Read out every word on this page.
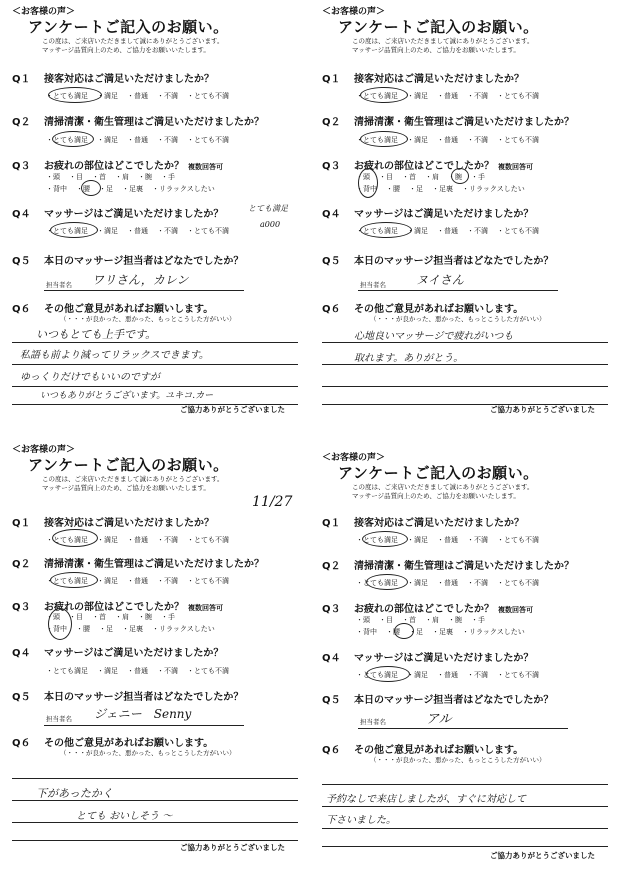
＜お客様の声＞
アンケートご記入のお願い。
この度は、ご来店いただきまして誠にありがとうございます。
マッサージ品質向上のため、ご協力をお願いいたします。
Q１ 接客対応はご満足いただけましたか？
・とても満足 ・満足 ・普通 ・不満 ・とても不満
Q２ 清掃清潔・衛生管理はご満足いただけましたか？
・とても満足 ・満足 ・普通 ・不満 ・とても不満
Q３ お疲れの部位はどこでしたか？ 複数回答可
・頭 ・目 ・首 ・肩 ・腕 ・手
・背中 ・腰 ・足 ・足裏 ・リラックスしたい
Q４ マッサージはご満足いただけましたか？
・とても満足 ・満足 ・普通 ・不満 ・とても不満
とても満足
a000
Q５ 本日のマッサージ担当者はどなたでしたか？
担当者名 ワリさん，カレン
Q６ その他ご意見があればお願いします。
（・・・が良かった、悪かった、もっとこうした方がいい）
いつもとても上手です。
私語も前より減ってリラックスできます。
ゆっくりだけでもいいのですが
いつもありがとうございます。ユキコ.カー
ご協力ありがとうございました
＜お客様の声＞
アンケートご記入のお願い。
この度は、ご来店いただきまして誠にありがとうございます。
マッサージ品質向上のため、ご協力をお願いいたします。
Q１ 接客対応はご満足いただけましたか？
・とても満足 ・満足 ・普通 ・不満 ・とても不満
Q２ 清掃清潔・衛生管理はご満足いただけましたか？
・とても満足 ・満足 ・普通 ・不満 ・とても不満
Q３ お疲れの部位はどこでしたか？ 複数回答可
・頭 ・目 ・首 ・肩 ・腕 ・手
・背中 ・腰 ・足 ・足裏 ・リラックスしたい
Q４ マッサージはご満足いただけましたか？
・とても満足 ・満足 ・普通 ・不満 ・とても不満
Q５ 本日のマッサージ担当者はどなたでしたか？
担当者名	ヌイさん
Q６ その他ご意見があればお願いします。
（・・・が良かった、悪かった、もっとこうした方がいい）
心地良いマッサージで疲れがいつも
取れます。ありがとう。
ご協力ありがとうございました
＜お客様の声＞
アンケートご記入のお願い。
この度は、ご来店いただきまして誠にありがとうございます。
マッサージ品質向上のため、ご協力をお願いいたします。
11/27
Q１ 接客対応はご満足いただけましたか？
・とても満足 ・満足 ・普通 ・不満 ・とても不満
Q２ 清掃清潔・衛生管理はご満足いただけましたか？
・とても満足 ・満足 ・普通 ・不満 ・とても不満
Q３ お疲れの部位はどこでしたか？ 複数回答可
・頭 ・目 ・首 ・肩 ・腕 ・手
・背中 ・腰 ・足 ・足裏 ・リラックスしたい
Q４ マッサージはご満足いただけましたか？
・とても満足 ・満足 ・普通 ・不満 ・とても不満
Q５ 本日のマッサージ担当者はどなたでしたか？
担当者名 ジェニー　Senny
Q６ その他ご意見があればお願いします。
（・・・が良かった、悪かった、もっとこうした方がいい）
下があったかく
とても おいしそう 〜
ご協力ありがとうございました
＜お客様の声＞
アンケートご記入のお願い。
この度は、ご来店いただきまして誠にありがとうございます。
マッサージ品質向上のため、ご協力をお願いいたします。
Q１ 接客対応はご満足いただけましたか？
・とても満足 ・満足 ・普通 ・不満 ・とても不満
Q２ 清掃清潔・衛生管理はご満足いただけましたか？
・とても満足 ・満足 ・普通 ・不満 ・とても不満
Q３ お疲れの部位はどこでしたか？ 複数回答可
・頭 ・目 ・首 ・肩 ・腕 ・手
・背中 ・腰 ・足 ・足裏 ・リラックスしたい
Q４ マッサージはご満足いただけましたか？
・とても満足 ・満足 ・普通 ・不満 ・とても不満
Q５ 本日のマッサージ担当者はどなたでしたか？
担当者名	アル
Q６ その他ご意見があればお願いします。
（・・・が良かった、悪かった、もっとこうした方がいい）
予約なしで来店しましたが、すぐに対応して
下さいました。
ご協力ありがとうございました
